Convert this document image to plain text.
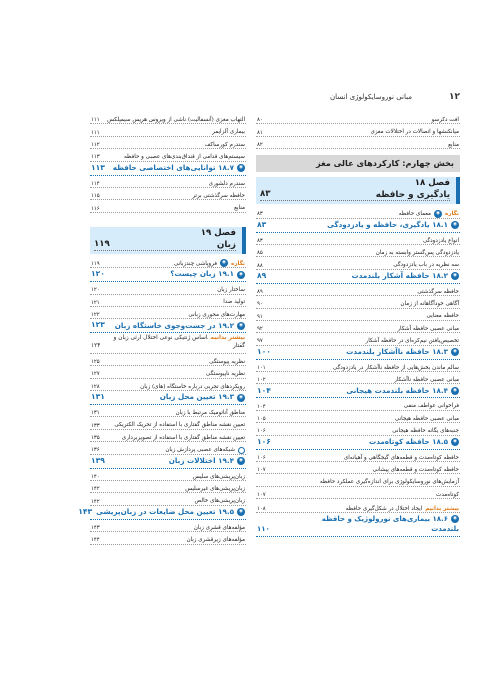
۱۲
مبانی نوروسایکولوژی انسان
افت دکرسو
۸۰
میانکنشها و اتصالات در اختلالات مغزی
۸۱
منابع
۸۲
بخش چهارم: کارکردهای عالی مغز
فصل ۱۸
یادگیری و حافظه
۸۳
نگاره
◉
معمای حافظه
۸۳
◉
۱۸.۱ یادگیری، حافظه و یادزدودگی
۸۳
انواع یادزدودگی
۸۳
یادزدودگی پس‌گستر وابسته به زمان
۸۵
سه نظریه در باب یادزدودگی
۸۸
◉
۱۸.۲ حافظه آشکار بلندمدت
۸۹
حافظه سرگذشتی
۸۹
آگاهی خودآگاهانه از زمان
۹۰
حافظه معنایی
۹۱
مبانی عصبی حافظه آشکار
۹۲
تخصیص‌یافتن نیم‌کره‌ای در حافظه آشکار
۹۷
◉
۱۸.۳ حافظه ناآشکار بلندمدت
۱۰۰
سالم ماندن بخش‌هایی از حافظه ناآشکار در یادزدودگی
۱۰۱
مبانی عصبی حافظه ناآشکار
۱۰۲
◉
۱۸.۴ حافظه بلندمدت هیجانی
۱۰۴
فراخوانی عواطف منفی
۱۰۴
مبانی عصبی حافظه هیجانی
۱۰۵
جنبه‌های یگانه حافظه هیجانی
۱۰۶
◉
۱۸.۵ حافظه کوتاه‌مدت
۱۰۶
حافظه کوتاه‌مدت و قطعه‌های گیجگاهی و آهیانه‌ای
۱۰۶
حافظه کوتاه‌مدت و قطعه‌های پیشانی
۱۰۷
آزمایش‌های نوروسایکولوژی برای اندازه‌گیری عملکرد حافظه
کوتاه‌مدت
۱۰۷
بیشتر بدانیم
ایجاد اختلال در شکل‌گیری حافظه
۱۰۸
◉۱۸.۶ بیماری‌های نورولوژیک و حافظه
بلندمدت
۱۱۰
التهاب مغزی (آنسفالیت) ناشی از ویروس هرپس سیمپلکس
۱۱۱
بیماری آلزایمر
۱۱۱
سندرم کورساکف
۱۱۲
سیستم‌های قدامی از قنداق‌بندی‌های عصبی و حافظه
۱۱۳
◉
۱۸.۷ توانایی‌های اختصاصی حافظه
۱۱۳
سندرم دلشوری
۱۱۴
حافظه سرگذشتی برتر
۱۱۵
منابع
۱۱۶
فصل ۱۹
زبان
۱۱۹
نگاره
◉
فروپاشی چندزبانی
۱۱۹
◉
۱۹.۱ زبان چیست؟
۱۲۰
ساختار زبان
۱۲۰
تولید صدا
۱۲۱
مهارت‌های محوری زبانی
۱۲۲
◉
۱۹.۲ در جست‌وجوی خاستگاه زبان
۱۲۳
بیشتر بدانیماساس ژنتیکی نوعی اختلال ارثی زبان و
گفتار
۱۲۴
نظریه پیوستگی
۱۲۵
نظریه ناپیوستگی
۱۲۷
رویکردهای تجربی درباره خاستگاه (های) زبان
۱۲۸
◉
۱۹.۳ تعیین محل زبان
۱۳۱
مناطق آناتومیک مرتبط با زبان
۱۳۱
تعیین نقشه مناطق گفتاری با استفاده از تحریک الکتریکی
۱۳۳
تعیین نقشه مناطق گفتاری با استفاده از تصویربرداری
۱۳۵
شبکه‌های عصبی پردازش زبان
۱۳۶
◉
۱۹.۴ اختلالات زبان
۱۳۹
زبان‌پریشی‌های سلیس
۱۴۰
زبان‌پریشی‌های غیرسلیس
۱۴۲
زبان‌پریشی‌های خالص
۱۴۲
◉
۱۹.۵ تعیین محل ضایعات در زبان‌پریشی
۱۴۳
مؤلفه‌های قشری زبان
۱۴۳
مؤلفه‌های زیرقشری زبان
۱۴۴
